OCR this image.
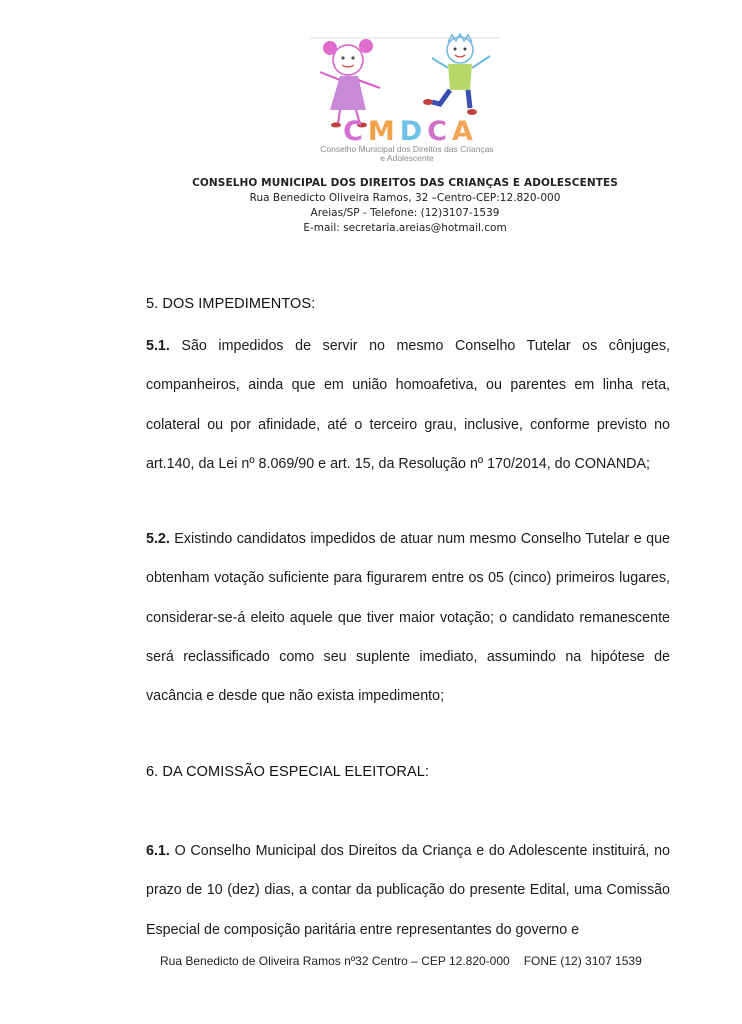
CMDCA
Conselho Municipal dos Direitos das Crianças e Adolescente
CONSELHO MUNICIPAL DOS DIREITOS DAS CRIANÇAS E ADOLESCENTES
Rua Benedicto Oliveira Ramos, 32 –Centro-CEP:12.820-000
Areias/SP - Telefone: (12)3107-1539
E-mail: secretaria.areias@hotmail.com
5. DOS IMPEDIMENTOS:
5.1. São impedidos de servir no mesmo Conselho Tutelar os cônjuges, companheiros, ainda que em união homoafetiva, ou parentes em linha reta, colateral ou por afinidade, até o terceiro grau, inclusive, conforme previsto no art.140, da Lei nº 8.069/90 e art. 15, da Resolução nº 170/2014, do CONANDA;
5.2. Existindo candidatos impedidos de atuar num mesmo Conselho Tutelar e que obtenham votação suficiente para figurarem entre os 05 (cinco) primeiros lugares, considerar-se-á eleito aquele que tiver maior votação; o candidato remanescente será reclassificado como seu suplente imediato, assumindo na hipótese de vacância e desde que não exista impedimento;
6. DA COMISSÃO ESPECIAL ELEITORAL:
6.1. O Conselho Municipal dos Direitos da Criança e do Adolescente instituirá, no prazo de 10 (dez) dias, a contar da publicação do presente Edital, uma Comissão Especial de composição paritária entre representantes do governo e
Rua Benedicto de Oliveira Ramos nº32 Centro – CEP 12.820-000 FONE (12) 3107 1539
